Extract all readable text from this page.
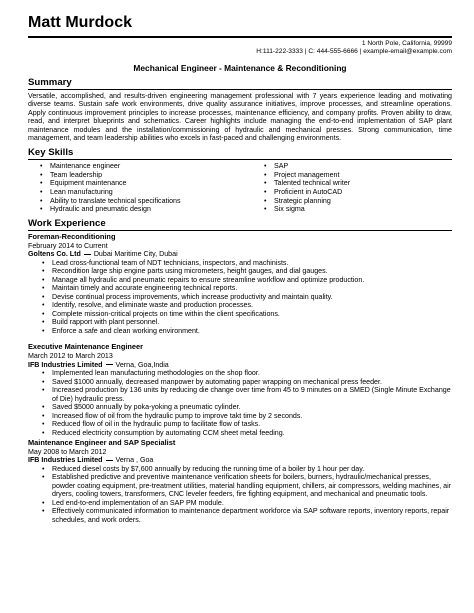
Matt Murdock
1 North Pole, California, 99999
H:111-222-3333 | C: 444-555-6666 | example-email@example.com
Mechanical Engineer - Maintenance & Reconditioning
Summary

Versatile, accomplished, and results-driven engineering management professional with 7 years experience leading and motivating diverse teams. Sustain safe work environments, drive quality assurance initiatives, improve processes, and streamline operations. Apply continuous improvement principles to increase processes, maintenance efficiency, and company profits. Proven ability to draw, read, and interpret blueprints and schematics. Career highlights include managing the end-to-end implementation of SAP plant maintenance modules and the installation/commissioning of hydraulic and mechanical presses. Strong communication, time management, and team leadership abilities who excels in fast-paced and challenging environments.

Key Skills
• Maintenance engineer
• Team leadership
• Equipment maintenance
• Lean manufacturing
• Ability to translate technical specifications
• Hydraulic and pneumatic design
• SAP
• Project management
• Talented technical writer
• Proficient in AutoCAD
• Strategic planning
• Six sigma
Work Experience
Foreman-Reconditioning
February 2014 to Current
Goltens Co. Ltd Dubai Maritime City, Dubai
• Lead cross-functional team of NDT technicians, inspectors, and machinists.
• Recondition large ship engine parts using micrometers, height gauges, and dial gauges.
• Manage all hydraulic and pneumatic repairs to ensure streamline workflow and optimize production.
• Maintain timely and accurate engineering technical reports.
• Devise continual process improvements, which increase productivity and maintain quality.
• Identify, resolve, and eliminate waste and production processes.
• Complete mission-critical projects on time within the client specifications.
• Build rapport with plant personnel.
• Enforce a safe and clean working environment.
Executive Maintenance Engineer
March 2012 to March 2013
IFB Industries Limited Verna, Goa,India
• Implemented lean manufacturing methodologies on the shop floor.
• Saved $1000 annually, decreased manpower by automating paper wrapping on mechanical press feeder.
• Increased production by 136 units by reducing die change over time from 45 to 9 minutes on a SMED (Single Minute Exchange of Die) hydraulic press.
• Saved $5000 annually by poka-yoking a pneumatic cylinder.
• Increased flow of oil from the hydraulic pump to improve takt time by 2 seconds.
• Reduced flow of oil in the hydraulic pump to facilitate flow of tasks.
• Reduced electricity consumption by automating CCM sheet metal feeding.
Maintenance Engineer and SAP Specialist
May 2008 to March 2012
IFB Industries Limited Verna , Goa
• Reduced diesel costs by $7,600 annually by reducing the running time of a boiler by 1 hour per day.
• Established predictive and preventive maintenance verification sheets for boilers, burners, hydraulic/mechanical presses, powder coating equipment, pre-treatment utilities, material handling equipment, chillers, air compressors, welding machines, air dryers, cooling towers, transformers, CNC leveler feeders, fire fighting equipment, and mechanical and pneumatic tools.
• Led end-to-end implementation of an SAP PM module.
• Effectively communicated information to maintenance department workforce via SAP software reports, inventory reports, repair schedules, and work orders.
